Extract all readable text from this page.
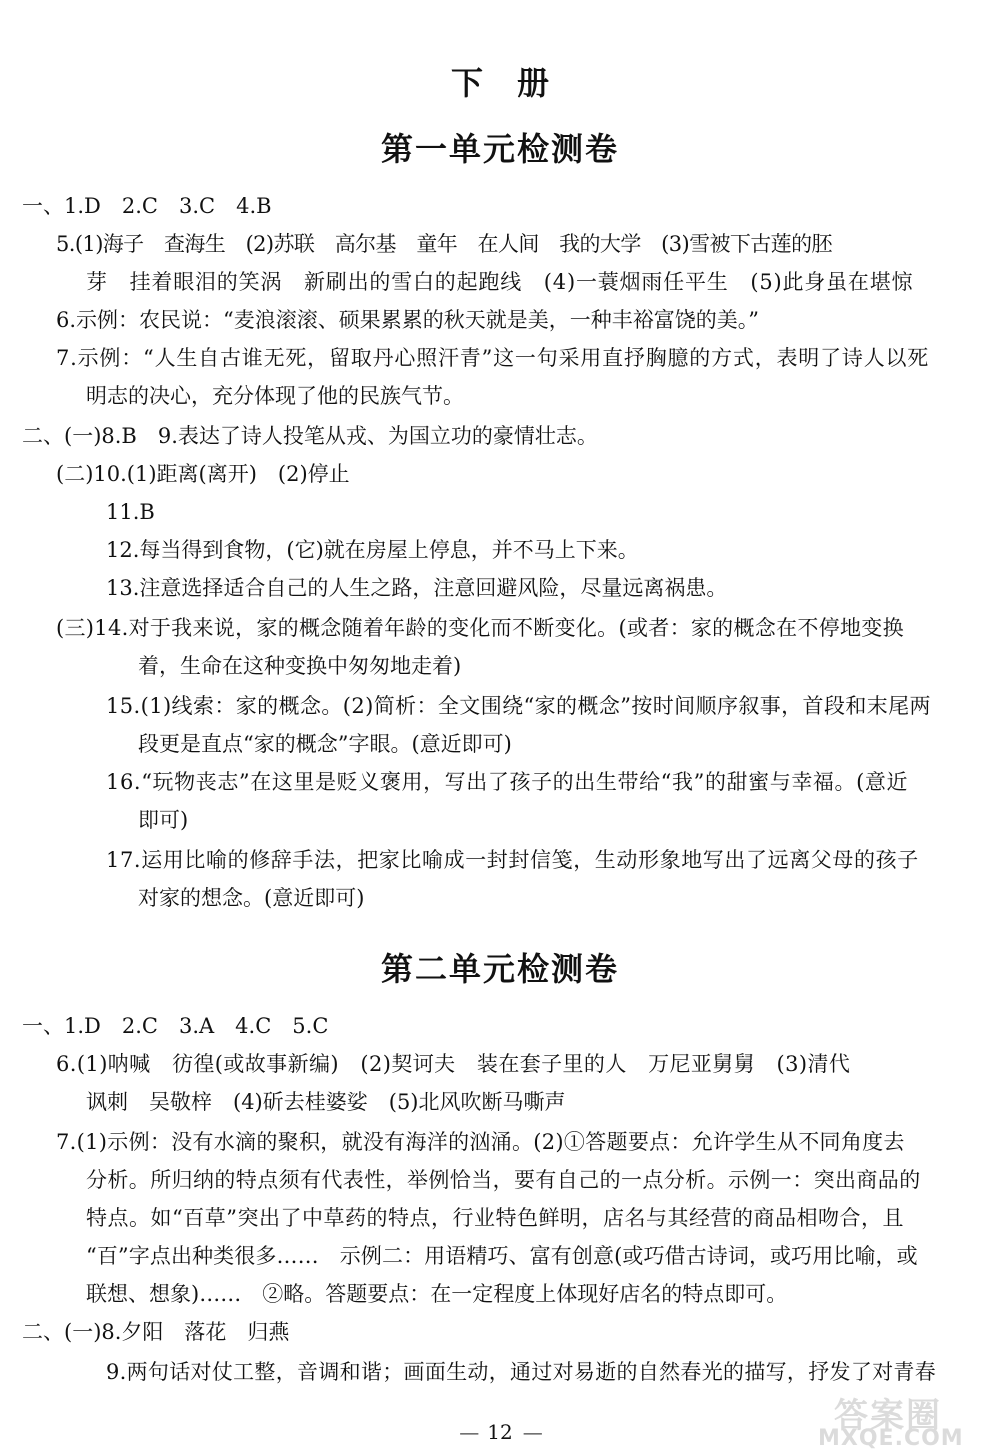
下册
第一单元检测卷
一、1.D　2.C　3.C　4.B
5.(1)海子　查海生　(2)苏联　高尔基　童年　在人间　我的大学　(3)雪被下古莲的胚
芽　挂着眼泪的笑涡　新刷出的雪白的起跑线　(4)一蓑烟雨任平生　(5)此身虽在堪惊
6.示例：农民说：“麦浪滚滚、硕果累累的秋天就是美，一种丰裕富饶的美。”
7.示例：“人生自古谁无死，留取丹心照汗青”这一句采用直抒胸臆的方式，表明了诗人以死
明志的决心，充分体现了他的民族气节。
二、(一)8.B　9.表达了诗人投笔从戎、为国立功的豪情壮志。
(二)10.(1)距离(离开)　(2)停止
11.B
12.每当得到食物，(它)就在房屋上停息，并不马上下来。
13.注意选择适合自己的人生之路，注意回避风险，尽量远离祸患。
(三)14.对于我来说，家的概念随着年龄的变化而不断变化。(或者：家的概念在不停地变换
着，生命在这种变换中匆匆地走着)
15.(1)线索：家的概念。(2)简析：全文围绕“家的概念”按时间顺序叙事，首段和末尾两
段更是直点“家的概念”字眼。(意近即可)
16.“玩物丧志”在这里是贬义褒用，写出了孩子的出生带给“我”的甜蜜与幸福。(意近
即可)
17.运用比喻的修辞手法，把家比喻成一封封信笺，生动形象地写出了远离父母的孩子
对家的想念。(意近即可)
第二单元检测卷
一、1.D　2.C　3.A　4.C　5.C
6.(1)呐喊　彷徨(或故事新编)　(2)契诃夫　装在套子里的人　万尼亚舅舅　(3)清代
讽刺　吴敬梓　(4)斫去桂婆娑　(5)北风吹断马嘶声
7.(1)示例：没有水滴的聚积，就没有海洋的汹涌。(2)①答题要点：允许学生从不同角度去
分析。所归纳的特点须有代表性，举例恰当，要有自己的一点分析。示例一：突出商品的
特点。如“百草”突出了中草药的特点，行业特色鲜明，店名与其经营的商品相吻合，且
“百”字点出种类很多……　示例二：用语精巧、富有创意(或巧借古诗词，或巧用比喻，或
联想、想象)……　②略。答题要点：在一定程度上体现好店名的特点即可。
二、(一)8.夕阳　落花　归燕
9.两句话对仗工整，音调和谐；画面生动，通过对易逝的自然春光的描写，抒发了对青春
— 12 —	答案圈
MXQE.COM
